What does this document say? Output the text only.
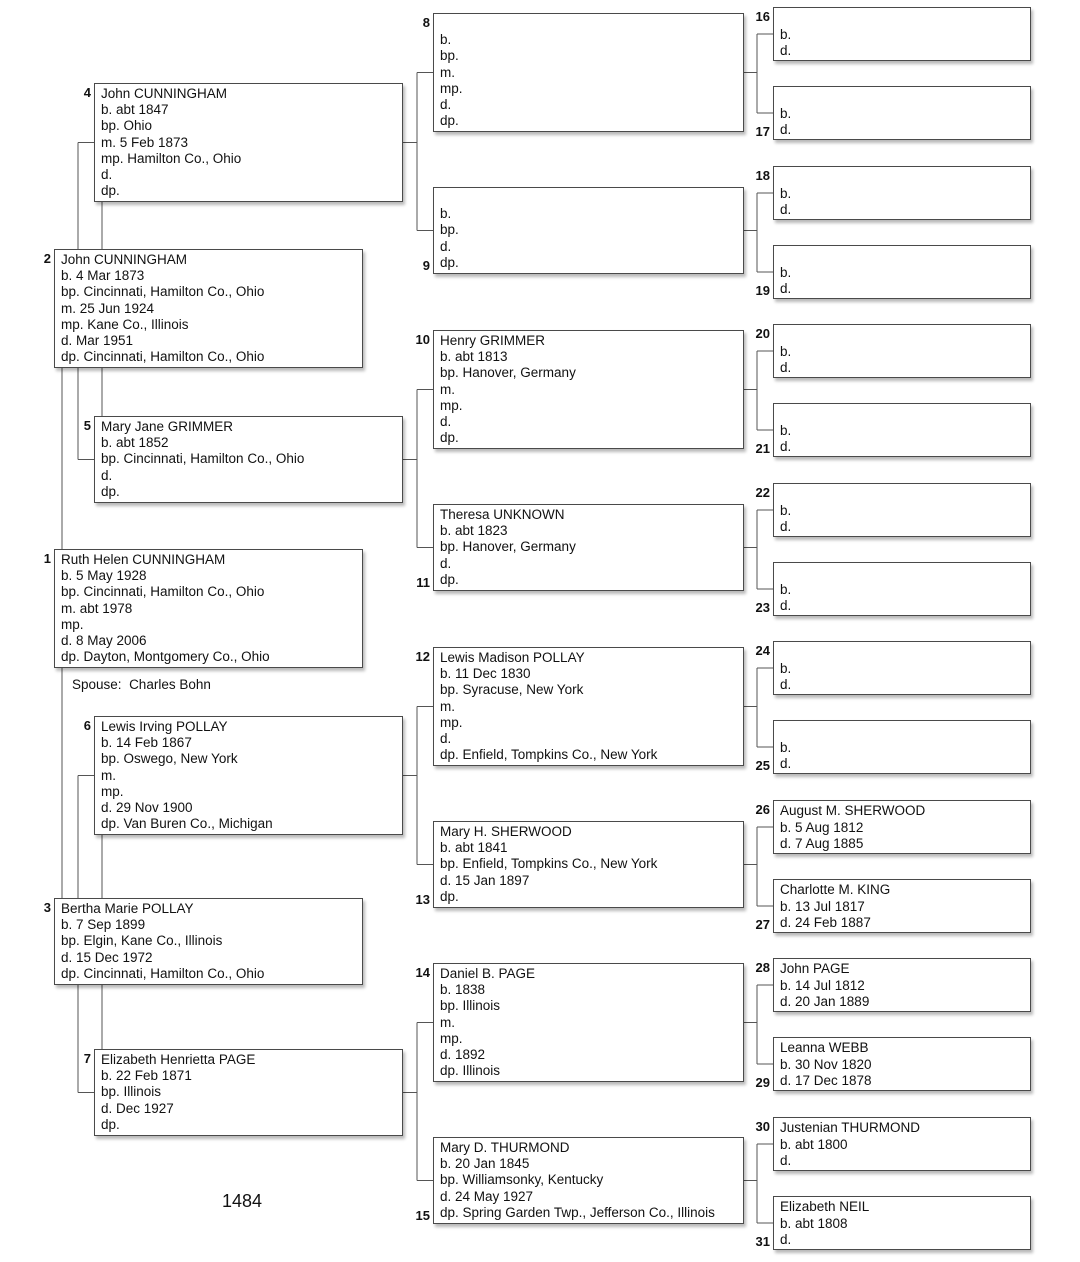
Ruth Helen CUNNINGHAM
b. 5 May 1928
bp. Cincinnati, Hamilton Co., Ohio
m. abt 1978
mp.
d. 8 May 2006
dp. Dayton, Montgomery Co., Ohio
1
John CUNNINGHAM
b. 4 Mar 1873
bp. Cincinnati, Hamilton Co., Ohio
m. 25 Jun 1924
mp. Kane Co., Illinois
d. Mar 1951
dp. Cincinnati, Hamilton Co., Ohio
2
Bertha Marie POLLAY
b. 7 Sep 1899
bp. Elgin, Kane Co., Illinois
d. 15 Dec 1972
dp. Cincinnati, Hamilton Co., Ohio
3
John CUNNINGHAM
b. abt 1847
bp. Ohio
m. 5 Feb 1873
mp. Hamilton Co., Ohio
d.
dp.
4
Mary Jane GRIMMER
b. abt 1852
bp. Cincinnati, Hamilton Co., Ohio
d.
dp.
5
Lewis Irving POLLAY
b. 14 Feb 1867
bp. Oswego, New York
m.
mp.
d. 29 Nov 1900
dp. Van Buren Co., Michigan
6
Elizabeth Henrietta PAGE
b. 22 Feb 1871
bp. Illinois
d. Dec 1927
dp.
7
b.
bp.
m.
mp.
d.
dp.
8
b.
bp.
d.
dp.
9
Henry GRIMMER
b. abt 1813
bp. Hanover, Germany
m.
mp.
d.
dp.
10
Theresa UNKNOWN
b. abt 1823
bp. Hanover, Germany
d.
dp.
11
Lewis Madison POLLAY
b. 11 Dec 1830
bp. Syracuse, New York
m.
mp.
d.
dp. Enfield, Tompkins Co., New York
12
Mary H. SHERWOOD
b. abt 1841
bp. Enfield, Tompkins Co., New York
d. 15 Jan 1897
dp.
13
Daniel B. PAGE
b. 1838
bp. Illinois
m.
mp.
d. 1892
dp. Illinois
14
Mary D. THURMOND
b. 20 Jan 1845
bp. Williamsonky, Kentucky
d. 24 May 1927
dp. Spring Garden Twp., Jefferson Co., Illinois
15
b.
d.
16
b.
d.
17
b.
d.
18
b.
d.
19
b.
d.
20
b.
d.
21
b.
d.
22
b.
d.
23
b.
d.
24
b.
d.
25
August M. SHERWOOD
b. 5 Aug 1812
d. 7 Aug 1885
26
Charlotte M. KING
b. 13 Jul 1817
d. 24 Feb 1887
27
John PAGE
b. 14 Jul 1812
d. 20 Jan 1889
28
Leanna WEBB
b. 30 Nov 1820
d. 17 Dec 1878
29
Justenian THURMOND
b. abt 1800
d.
30
Elizabeth NEIL
b. abt 1808
d.
31
Spouse: Charles Bohn
1484
